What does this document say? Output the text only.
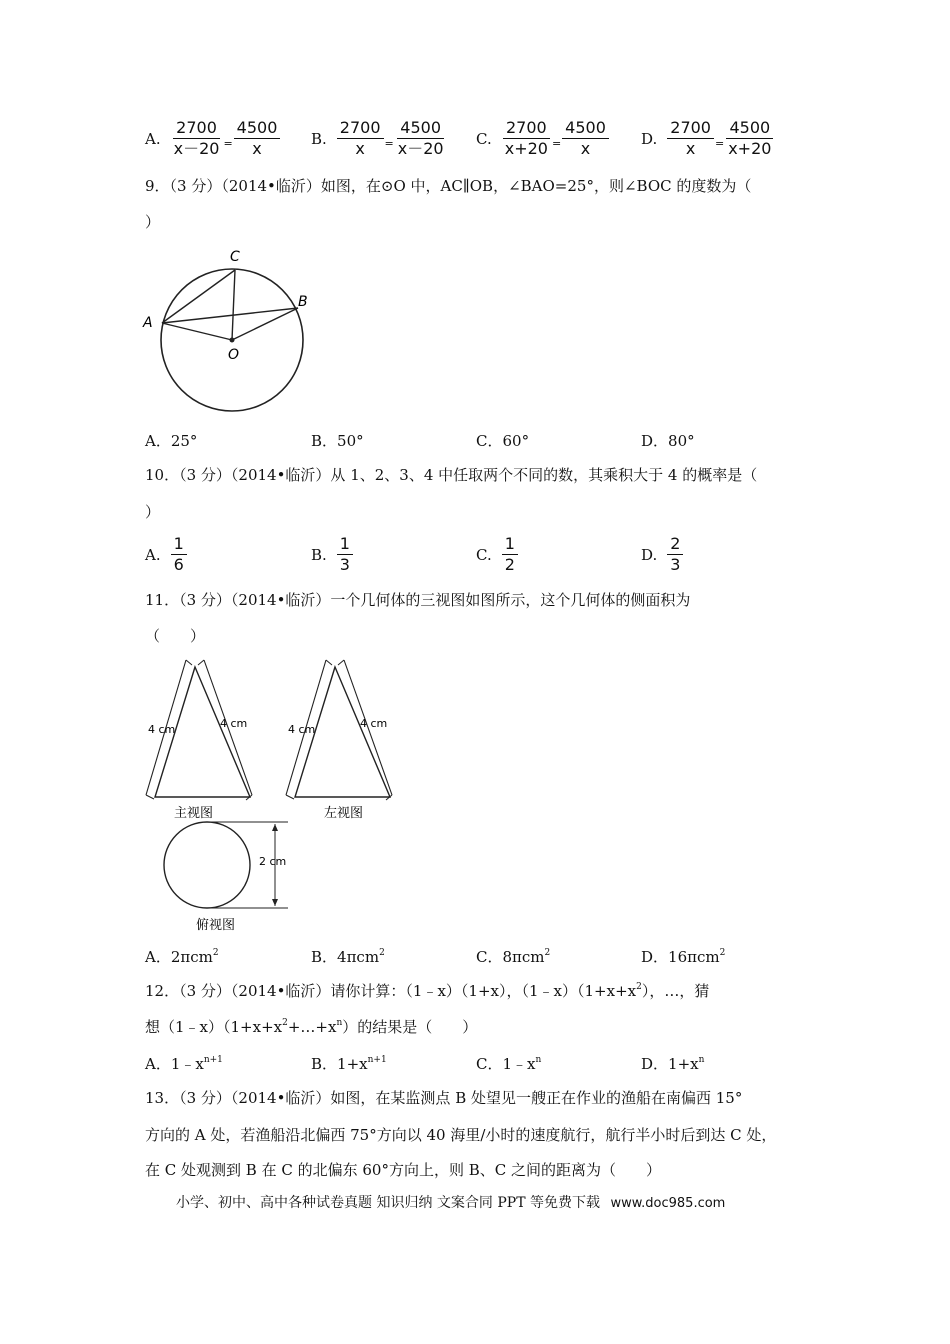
A. $\frac{2700}{x-20} = \frac{4500}{x} B$. $\frac{2700}{x} = \frac{4500}{x-20} C$. $\frac{2700}{x+20} = \frac{4500}{x} D$. $\frac{2700}{x} = \frac{4500}{x+20}$
9．（3 分）（2014•临沂）如图，在⊙O 中，AC∥OB，∠BAO=25°，则∠BOC 的度数为（
）
C
A
B
O
A．25°	B．50°	C．60°	D．80°
10．（3 分）（2014•临沂）从 1、2、3、4 中任取两个不同的数，其乘积大于 4 的概率是（
）
A. $\frac{1}{6}$	B. $\frac{1}{3}$	C. $\frac{1}{2}$	D. $\frac{2}{3}$
11．（3 分）（2014•临沂）一个几何体的三视图如图所示，这个几何体的侧面积为
（　　）
4 cm	4 cm
主视图
4 cm	4 cm
左视图
2 cm
俯视图
A．2πcm$^2$	B．4πcm$^2$	C．8πcm$^2$	D．16πcm$^2$
12．（3 分）（2014•临沂）请你计算：（1﹣x）（1+x），$(1﹣x)(1+x+x^2)$，…，猜
想$(1﹣x)(1+x+x^2+\dots+x^n)$的结果是（　　）
A．$1﹣x^{n+1}$	B．$1+x^{n+1}$	C．$1﹣x^n$	D．$1+x^n$
13．（3 分）（2014•临沂）如图，在某监测点 B 处望见一艘正在作业的渔船在南偏西 15°
方向的 A 处，若渔船沿北偏西 75°方向以 40 海里/小时的速度航行，航行半小时后到达 C 处，
在 C 处观测到 B 在 C 的北偏东 60°方向上，则 B、C 之间的距离为（　　）
小学、初中、高中各种试卷真题 知识归纳 文案合同 PPT 等免费下载 www.doc985.com
